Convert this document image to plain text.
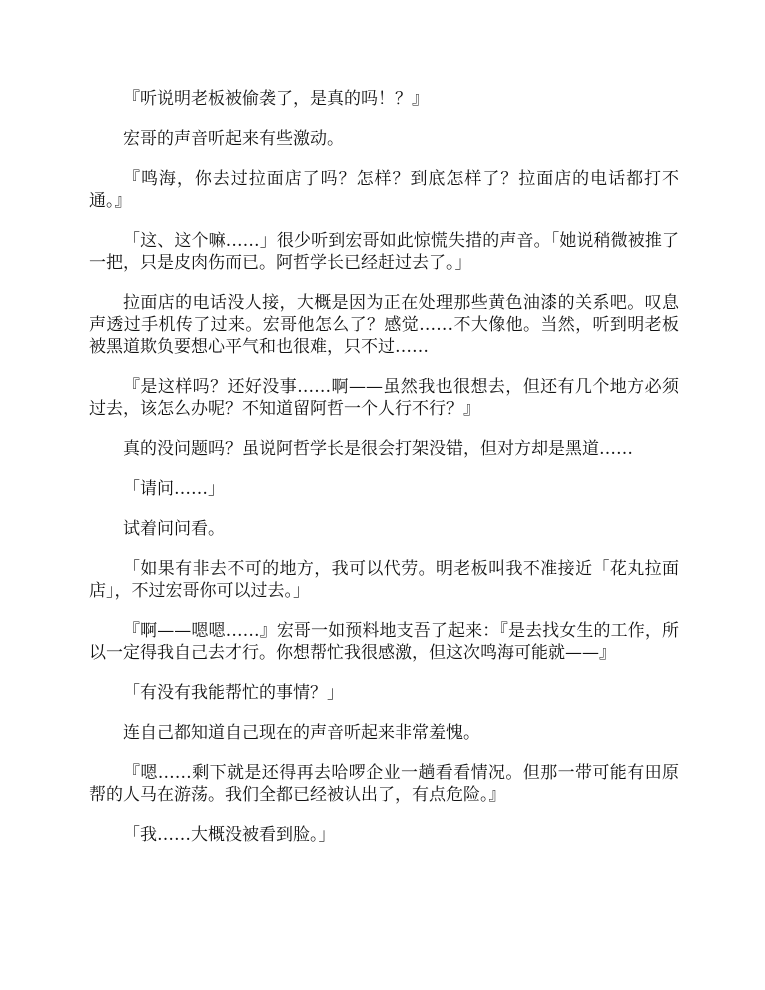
『听说明老板被偷袭了，是真的吗！？』

宏哥的声音听起来有些激动。

『鸣海，你去过拉面店了吗？怎样？到底怎样了？拉面店的电话都打不通。』

「这、这个嘛……」很少听到宏哥如此惊慌失措的声音。「她说稍微被推了一把，只是皮肉伤而已。阿哲学长已经赶过去了。」

拉面店的电话没人接，大概是因为正在处理那些黄色油漆的关系吧。叹息声透过手机传了过来。宏哥他怎么了？感觉……不大像他。当然，听到明老板被黑道欺负要想心平气和也很难，只不过……

『是这样吗？还好没事……啊——虽然我也很想去，但还有几个地方必须过去，该怎么办呢？不知道留阿哲一个人行不行？』

真的没问题吗？虽说阿哲学长是很会打架没错，但对方却是黑道……

「请问……」

试着问问看。

「如果有非去不可的地方，我可以代劳。明老板叫我不准接近「花丸拉面店」，不过宏哥你可以过去。」

『啊——嗯嗯……』宏哥一如预料地支吾了起来：『是去找女生的工作，所以一定得我自己去才行。你想帮忙我很感激，但这次鸣海可能就——』

「有没有我能帮忙的事情？」

连自己都知道自己现在的声音听起来非常羞愧。

『嗯……剩下就是还得再去哈啰企业一趟看看情况。但那一带可能有田原帮的人马在游荡。我们全都已经被认出了，有点危险。』

「我……大概没被看到脸。」
